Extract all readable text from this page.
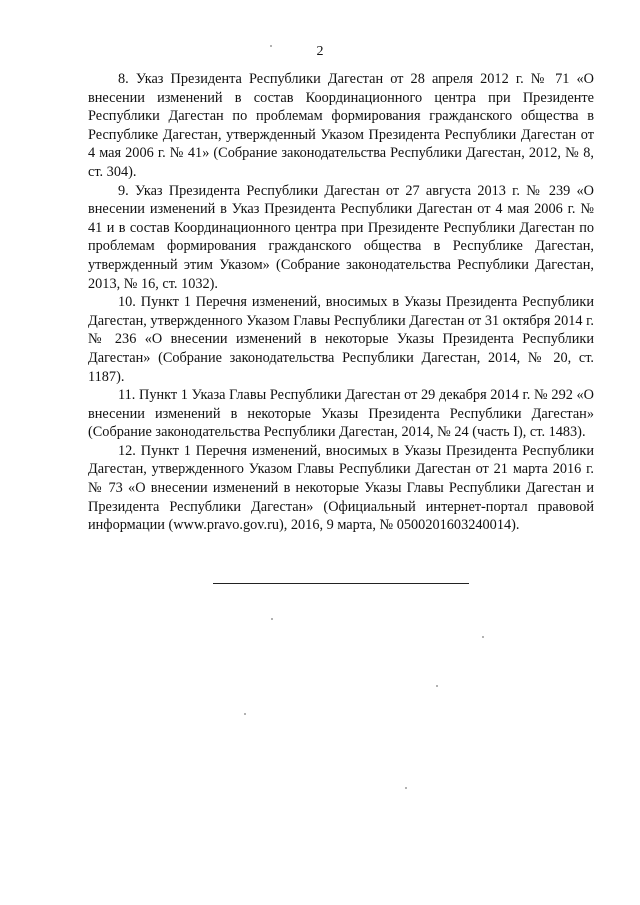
2

8. Указ Президента Республики Дагестан от 28 апреля 2012 г. № 71 «О внесении изменений в состав Координационного центра при Президенте Республики Дагестан по проблемам формирования гражданского общества в Республике Дагестан, утвержденный Указом Президента Республики Дагестан от 4 мая 2006 г. № 41» (Собрание законодательства Республики Дагестан, 2012, № 8, ст. 304).

9. Указ Президента Республики Дагестан от 27 августа 2013 г. № 239 «О внесении изменений в Указ Президента Республики Дагестан от 4 мая 2006 г. № 41 и в состав Координационного центра при Президенте Республики Дагестан по проблемам формирования гражданского общества в Республике Дагестан, утвержденный этим Указом» (Собрание законодательства Республики Дагестан, 2013, № 16, ст. 1032).

10. Пункт 1 Перечня изменений, вносимых в Указы Президента Республики Дагестан, утвержденного Указом Главы Республики Дагестан от 31 октября 2014 г. № 236 «О внесении изменений в некоторые Указы Президента Республики Дагестан» (Собрание законодательства Республики Дагестан, 2014, № 20, ст. 1187).

11. Пункт 1 Указа Главы Республики Дагестан от 29 декабря 2014 г. № 292 «О внесении изменений в некоторые Указы Президента Республики Дагестан» (Собрание законодательства Республики Дагестан, 2014, № 24 (часть I), ст. 1483).

12. Пункт 1 Перечня изменений, вносимых в Указы Президента Республики Дагестан, утвержденного Указом Главы Республики Дагестан от 21 марта 2016 г. № 73 «О внесении изменений в некоторые Указы Главы Республики Дагестан и Президента Республики Дагестан» (Официальный интернет-портал правовой информации (www.pravo.gov.ru), 2016, 9 марта, № 0500201603240014).
